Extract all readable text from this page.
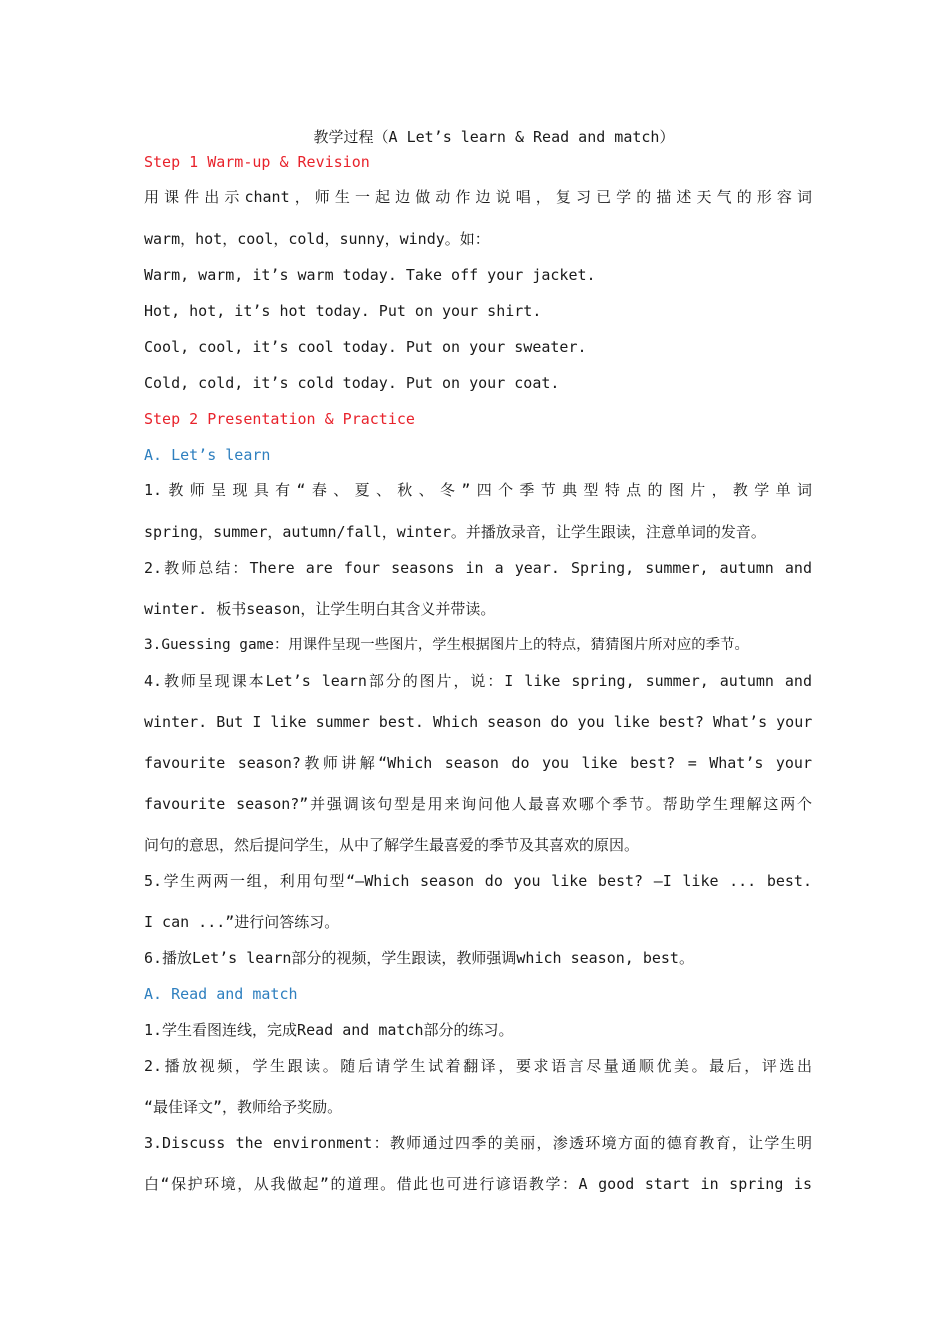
教学过程（A Let’s learn & Read and match）
Step 1 Warm-up & Revision
用课件出示chant，师生一起边做动作边说唱，复习已学的描述天气的形容词
warm，hot，cool，cold，sunny，windy。如：
Warm, warm, it’s warm today. Take off your jacket.
Hot, hot, it’s hot today. Put on your shirt.
Cool, cool, it’s cool today. Put on your sweater.
Cold, cold, it’s cold today. Put on your coat.
Step 2 Presentation & Practice
A. Let’s learn
1.教师呈现具有“春、夏、秋、冬”四个季节典型特点的图片，教学单词
spring，summer，autumn/fall，winter。并播放录音，让学生跟读，注意单词的发音。
2.教师总结：There are four seasons in a year. Spring, summer, autumn and
winter. 板书season，让学生明白其含义并带读。
3.Guessing game：用课件呈现一些图片，学生根据图片上的特点，猜猜图片所对应的季节。
4.教师呈现课本Let’s learn部分的图片，说：I like spring, summer, autumn and
winter. But I like summer best. Which season do you like best? What’s your
favourite season?教师讲解“Which season do you like best? = What’s your
favourite season?”并强调该句型是用来询问他人最喜欢哪个季节。帮助学生理解这两个
问句的意思，然后提问学生，从中了解学生最喜爱的季节及其喜欢的原因。
5.学生两两一组，利用句型“—Which season do you like best? —I like ... best.
I can ...”进行问答练习。
6.播放Let’s learn部分的视频，学生跟读，教师强调which season, best。
A. Read and match
1.学生看图连线，完成Read and match部分的练习。
2.播放视频，学生跟读。随后请学生试着翻译，要求语言尽量通顺优美。最后，评选出
“最佳译文”，教师给予奖励。
3.Discuss the environment：教师通过四季的美丽，渗透环境方面的德育教育，让学生明
白“保护环境，从我做起”的道理。借此也可进行谚语教学：A good start in spring is
